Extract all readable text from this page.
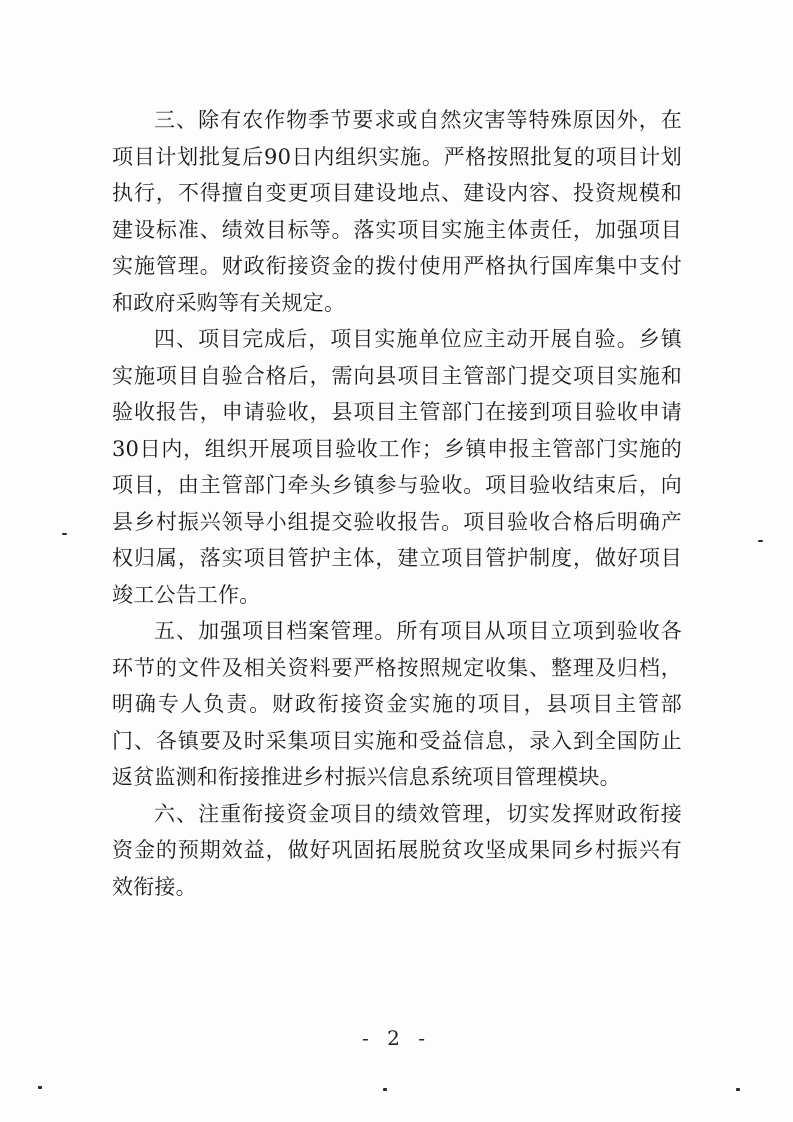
三、除有农作物季节要求或自然灾害等特殊原因外，在项目计划批复后90日内组织实施。严格按照批复的项目计划执行，不得擅自变更项目建设地点、建设内容、投资规模和建设标准、绩效目标等。落实项目实施主体责任，加强项目实施管理。财政衔接资金的拨付使用严格执行国库集中支付和政府采购等有关规定。

四、项目完成后，项目实施单位应主动开展自验。乡镇实施项目自验合格后，需向县项目主管部门提交项目实施和验收报告，申请验收，县项目主管部门在接到项目验收申请30日内，组织开展项目验收工作；乡镇申报主管部门实施的项目，由主管部门牵头乡镇参与验收。项目验收结束后，向县乡村振兴领导小组提交验收报告。项目验收合格后明确产权归属，落实项目管护主体，建立项目管护制度，做好项目竣工公告工作。

五、加强项目档案管理。所有项目从项目立项到验收各环节的文件及相关资料要严格按照规定收集、整理及归档，明确专人负责。财政衔接资金实施的项目，县项目主管部门、各镇要及时采集项目实施和受益信息，录入到全国防止返贫监测和衔接推进乡村振兴信息系统项目管理模块。

六、注重衔接资金项目的绩效管理，切实发挥财政衔接资金的预期效益，做好巩固拓展脱贫攻坚成果同乡村振兴有效衔接。

- 2 -
